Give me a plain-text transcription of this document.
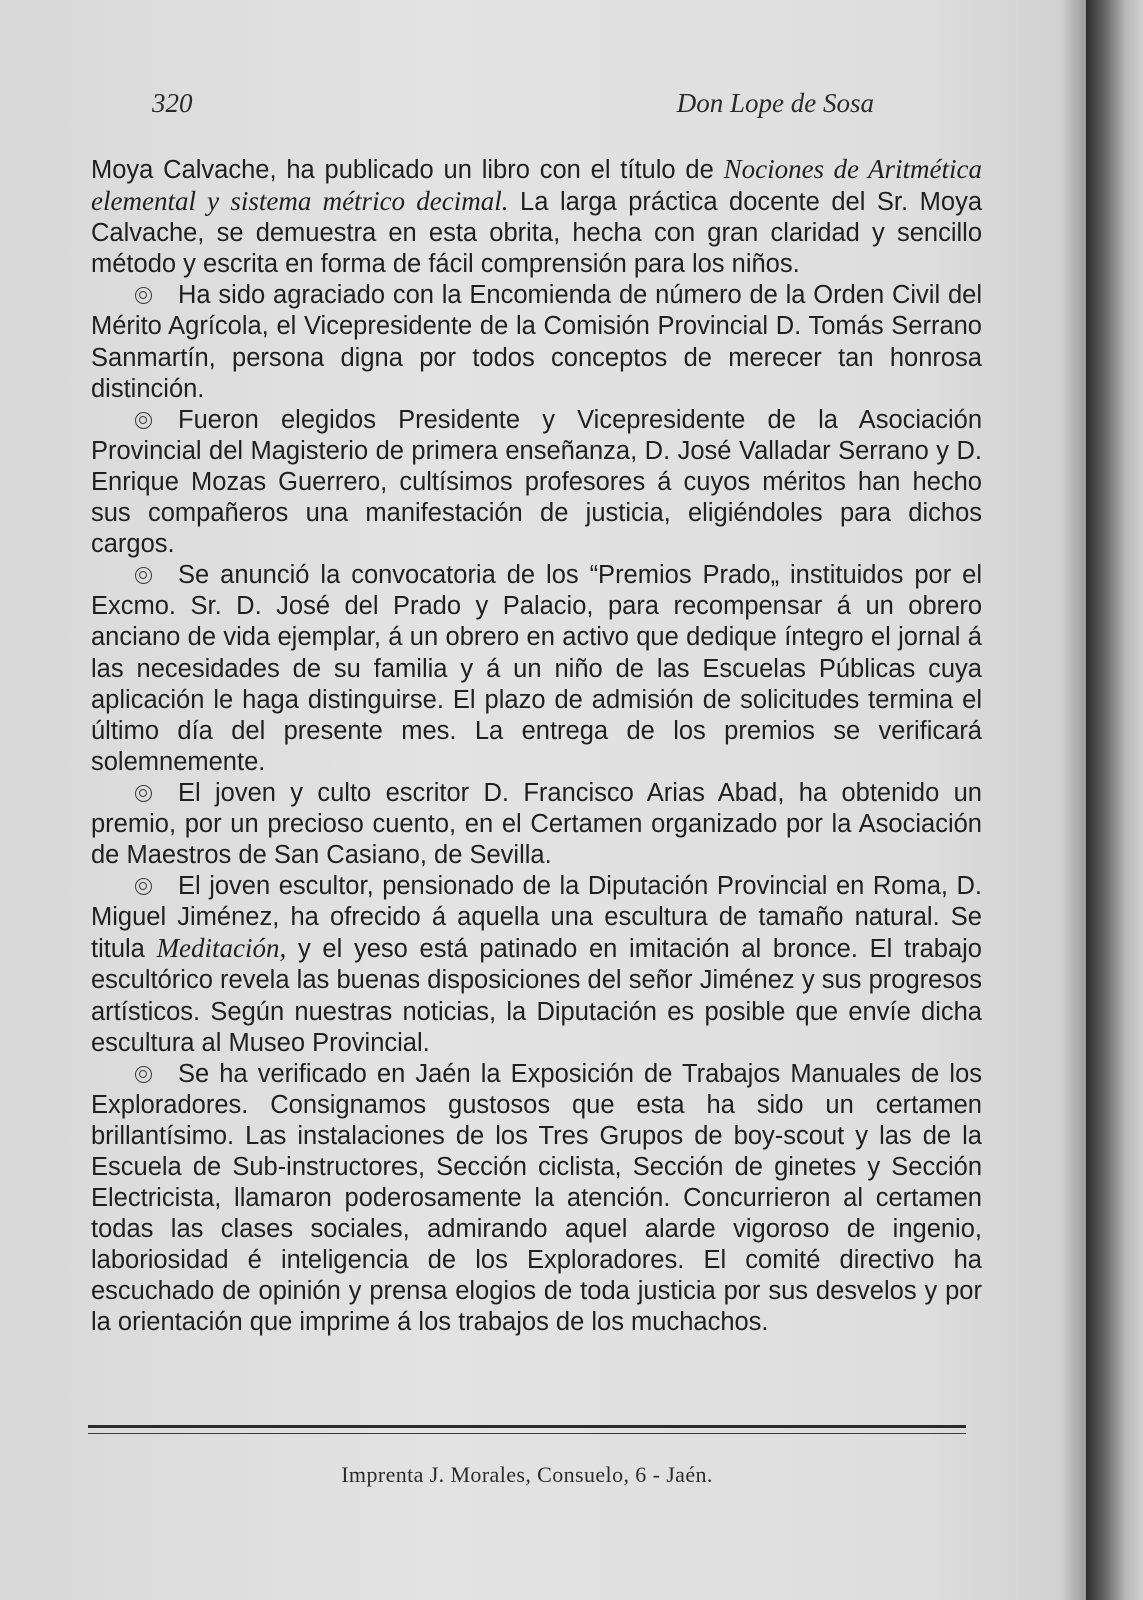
320	Don Lope de Sosa

Moya Calvache, ha publicado un libro con el título de Nociones de Aritmética elemental y sistema métrico decimal. La larga práctica docente del Sr. Moya Calvache, se demuestra en esta obrita, hecha con gran claridad y sencillo método y escrita en forma de fácil comprensión para los niños.

Ha sido agraciado con la Encomienda de número de la Orden Civil del Mérito Agrícola, el Vicepresidente de la Comisión Provincial D. Tomás Serrano Sanmartín, persona digna por todos conceptos de merecer tan honrosa distinción.

Fueron elegidos Presidente y Vicepresidente de la Asociación Provincial del Magisterio de primera enseñanza, D. José Valladar Serrano y D. Enrique Mozas Guerrero, cultísimos profesores á cuyos méritos han hecho sus compañeros una manifestación de justicia, eligiéndoles para dichos cargos.

Se anunció la convocatoria de los “Premios Prado„ instituidos por el Excmo. Sr. D. José del Prado y Palacio, para recompensar á un obrero anciano de vida ejemplar, á un obrero en activo que dedique íntegro el jornal á las necesidades de su familia y á un niño de las Escuelas Públicas cuya aplicación le haga distinguirse. El plazo de admisión de solicitudes termina el último día del presente mes. La entrega de los premios se verificará solemnemente.

El joven y culto escritor D. Francisco Arias Abad, ha obtenido un premio, por un precioso cuento, en el Certamen organizado por la Asociación de Maestros de San Casiano, de Sevilla.

El joven escultor, pensionado de la Diputación Provincial en Roma, D. Miguel Jiménez, ha ofrecido á aquella una escultura de tamaño natural. Se titula Meditación, y el yeso está patinado en imitación al bronce. El trabajo escultórico revela las buenas disposiciones del señor Jiménez y sus progresos artísticos. Según nuestras noticias, la Diputación es posible que envíe dicha escultura al Museo Provincial.

Se ha verificado en Jaén la Exposición de Trabajos Manuales de los Exploradores. Consignamos gustosos que esta ha sido un certamen brillantísimo. Las instalaciones de los Tres Grupos de boy-scout y las de la Escuela de Sub-instructores, Sección ciclista, Sección de ginetes y Sección Electricista, llamaron poderosamente la atención. Concurrieron al certamen todas las clases sociales, admirando aquel alarde vigoroso de ingenio, laboriosidad é inteligencia de los Exploradores. El comité directivo ha escuchado de opinión y prensa elogios de toda justicia por sus desvelos y por la orientación que imprime á los trabajos de los muchachos.

Imprenta J. Morales, Consuelo, 6 - Jaén.
